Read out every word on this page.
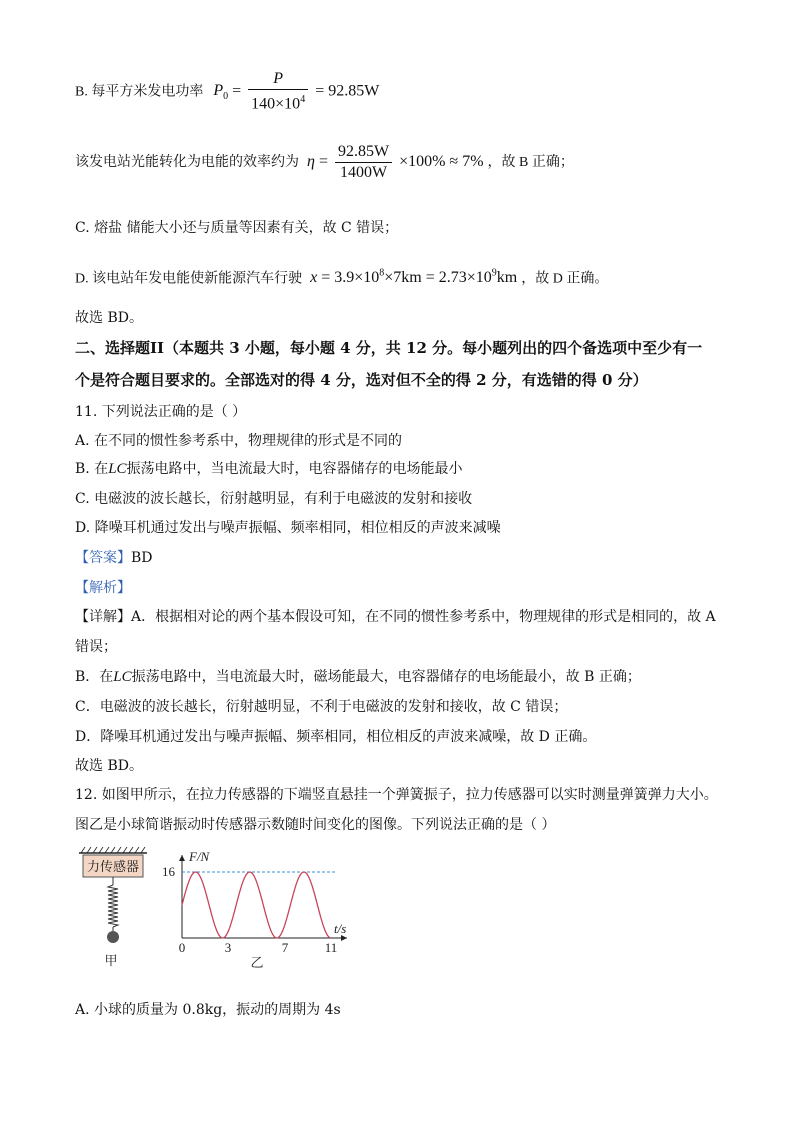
B. 每平方米发电功率 $P_0 = \frac{P}{140\times 10^4} = 92.85W$
该发电站光能转化为电能的效率约为 $\eta = \frac{92.85W}{1400W} \times 100\% \approx 7\%$ ，故 B 正确；
C. 熔盐 储能大小还与质量等因素有关，故 C 错误；
D. 该电站年发电能使新能源汽车行驶 $x = 3.9\times 10^8\times 7km = 2.73\times 10^9km$ ，故 D 正确。
故选 BD。
二、选择题II（本题共 3 小题，每小题 4 分，共 12 分。每小题列出的四个备选项中至少有一
个是符合题目要求的。全部选对的得 4 分，选对但不全的得 2 分，有选错的得 0 分）
11. 下列说法正确的是（ ）
A. 在不同的惯性参考系中，物理规律的形式是不同的
B. 在LC振荡电路中，当电流最大时，电容器储存的电场能最小
C. 电磁波的波长越长，衍射越明显，有利于电磁波的发射和接收
D. 降噪耳机通过发出与噪声振幅、频率相同，相位相反的声波来减噪
【答案】BD
【解析】
【详解】A．根据相对论的两个基本假设可知，在不同的惯性参考系中，物理规律的形式是相同的，故 A
错误；
B．在LC振荡电路中，当电流最大时，磁场能最大，电容器储存的电场能最小，故 B 正确；
C．电磁波的波长越长，衍射越明显，不利于电磁波的发射和接收，故 C 错误；
D．降噪耳机通过发出与噪声振幅、频率相同，相位相反的声波来减噪，故 D 正确。
故选 BD。
12. 如图甲所示，在拉力传感器的下端竖直悬挂一个弹簧振子，拉力传感器可以实时测量弹簧弹力大小。
图乙是小球简谐振动时传感器示数随时间变化的图像。下列说法正确的是（ ）
力传感器
甲
F/N
t/s
16
0	3	7	11
乙
A. 小球的质量为 0.8kg，振动的周期为 4s
